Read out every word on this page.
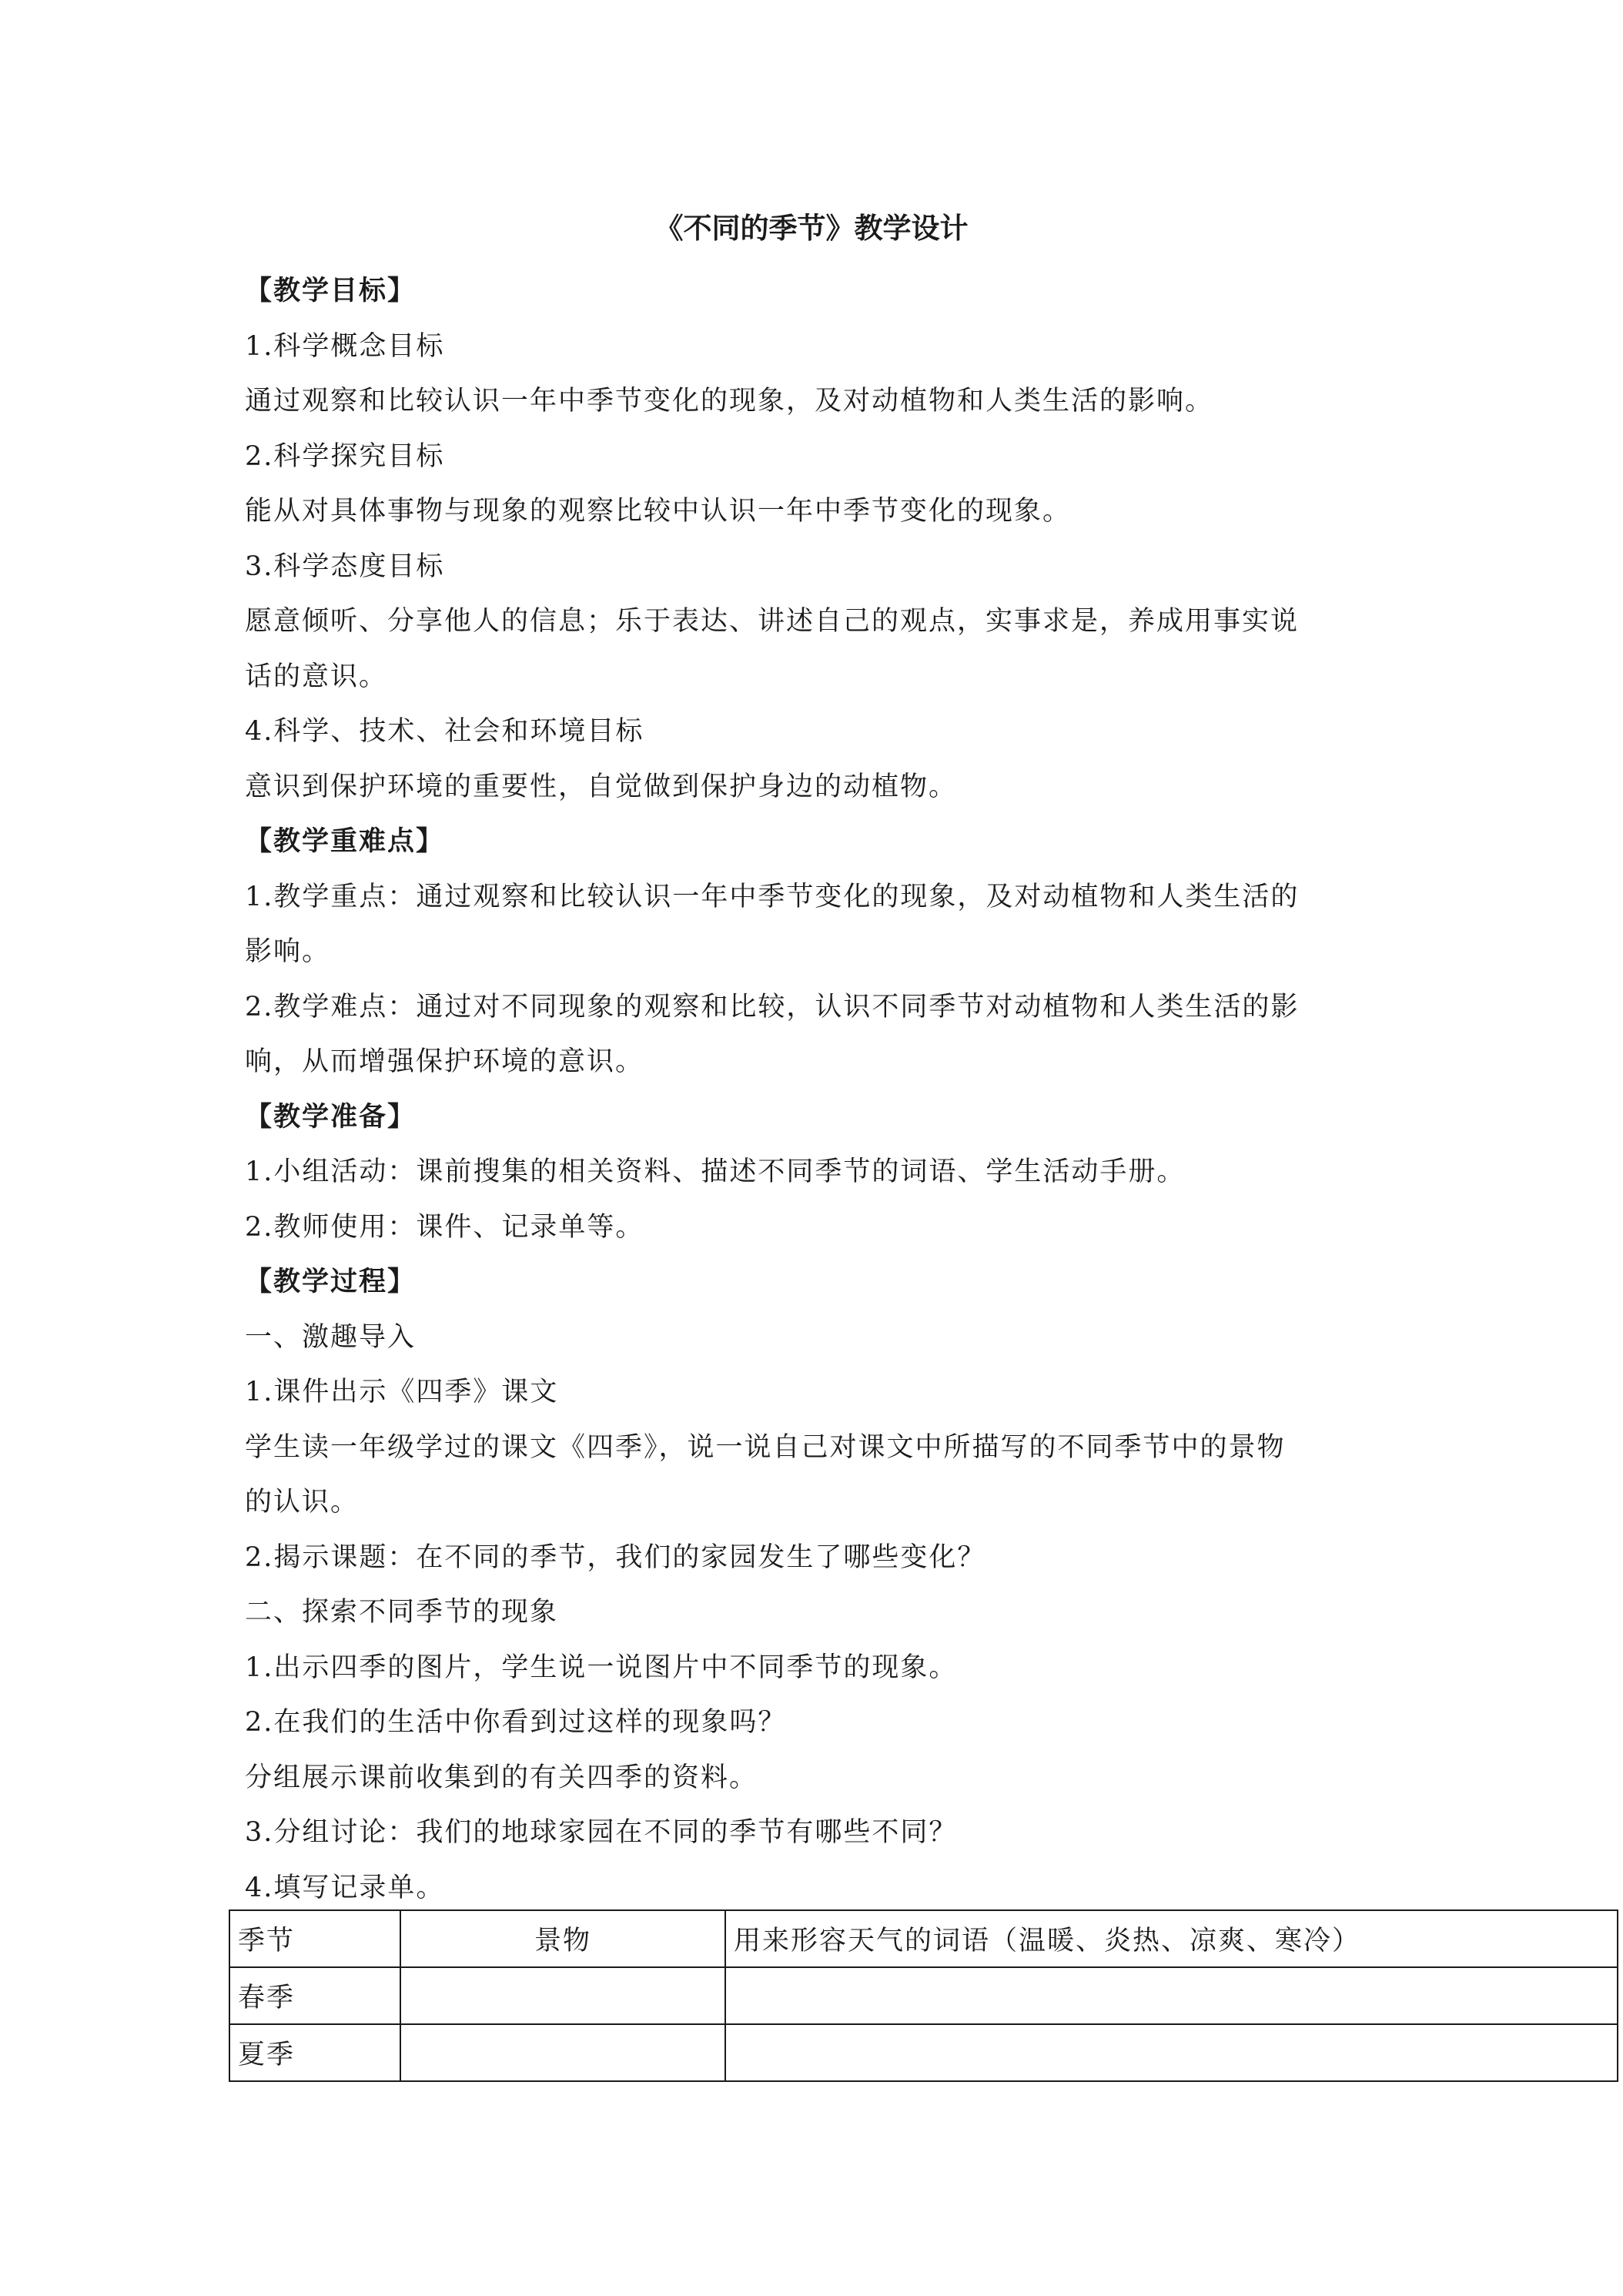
《不同的季节》教学设计
【教学目标】
1.科学概念目标
通过观察和比较认识一年中季节变化的现象，及对动植物和人类生活的影响。
2.科学探究目标
能从对具体事物与现象的观察比较中认识一年中季节变化的现象。
3.科学态度目标
愿意倾听、分享他人的信息；乐于表达、讲述自己的观点，实事求是，养成用事实说
话的意识。
4.科学、技术、社会和环境目标
意识到保护环境的重要性，自觉做到保护身边的动植物。
【教学重难点】
1.教学重点：通过观察和比较认识一年中季节变化的现象，及对动植物和人类生活的
影响。
2.教学难点：通过对不同现象的观察和比较，认识不同季节对动植物和人类生活的影
响，从而增强保护环境的意识。
【教学准备】
1.小组活动：课前搜集的相关资料、描述不同季节的词语、学生活动手册。
2.教师使用：课件、记录单等。
【教学过程】
一、激趣导入
1.课件出示《四季》课文
学生读一年级学过的课文《四季》，说一说自己对课文中所描写的不同季节中的景物
的认识。
2.揭示课题：在不同的季节，我们的家园发生了哪些变化？
二、探索不同季节的现象
1.出示四季的图片，学生说一说图片中不同季节的现象。
2.在我们的生活中你看到过这样的现象吗？
分组展示课前收集到的有关四季的资料。
3.分组讨论：我们的地球家园在不同的季节有哪些不同？
4.填写记录单。
季节	景物	用来形容天气的词语（温暖、炎热、凉爽、寒冷）
春季		
夏季		
